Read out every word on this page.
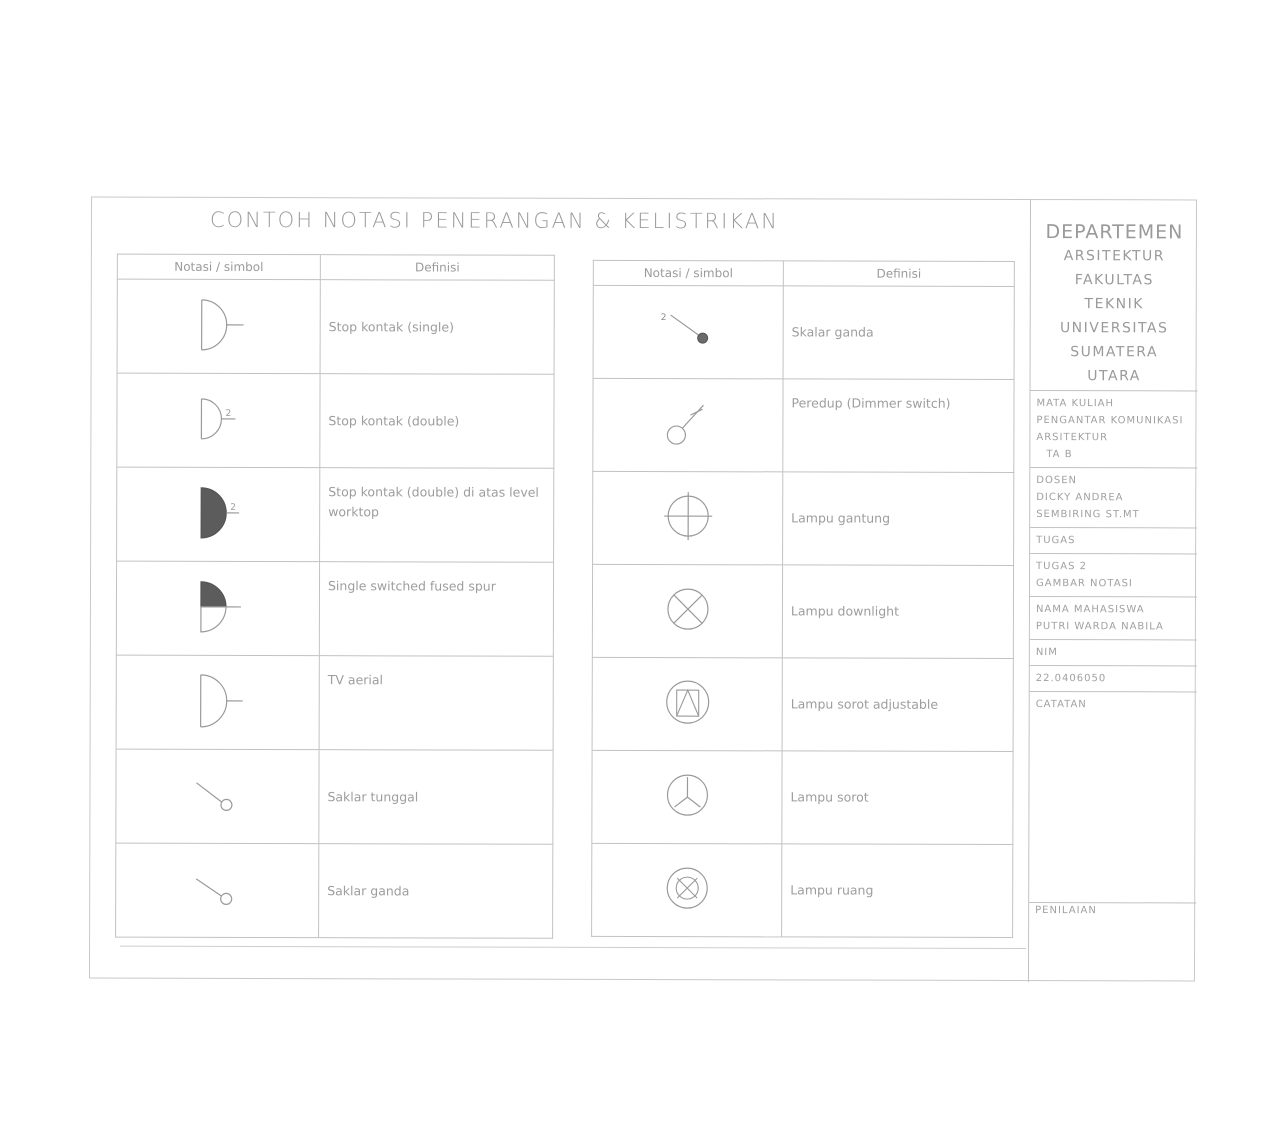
CONTOH NOTASI PENERANGAN & KELISTRIKAN
Notasi / simbol	Definisi
	Stop kontak (single)

2	Stop kontak (double)

2	Stop kontak (double) di atas level worktop
	Single switched fused spur
	TV aerial
	Saklar tunggal
	Saklar ganda
Notasi / simbol	Definisi

2	Skalar ganda
	Peredup (Dimmer switch)
	Lampu gantung
	Lampu downlight
	Lampu sorot adjustable
	Lampu sorot
	Lampu ruang
DEPARTEMEN
ARSITEKTUR
FAKULTAS
TEKNIK
UNIVERSITAS
SUMATERA
UTARA
MATA KULIAH
PENGANTAR KOMUNIKASI ARSITEKTUR
TA B
DOSEN
DICKY ANDREA SEMBIRING ST.MT
TUGAS
TUGAS 2
GAMBAR NOTASI
NAMA MAHASISWA
PUTRI WARDA NABILA
NIM
22.0406050
CATATAN
PENILAIAN
